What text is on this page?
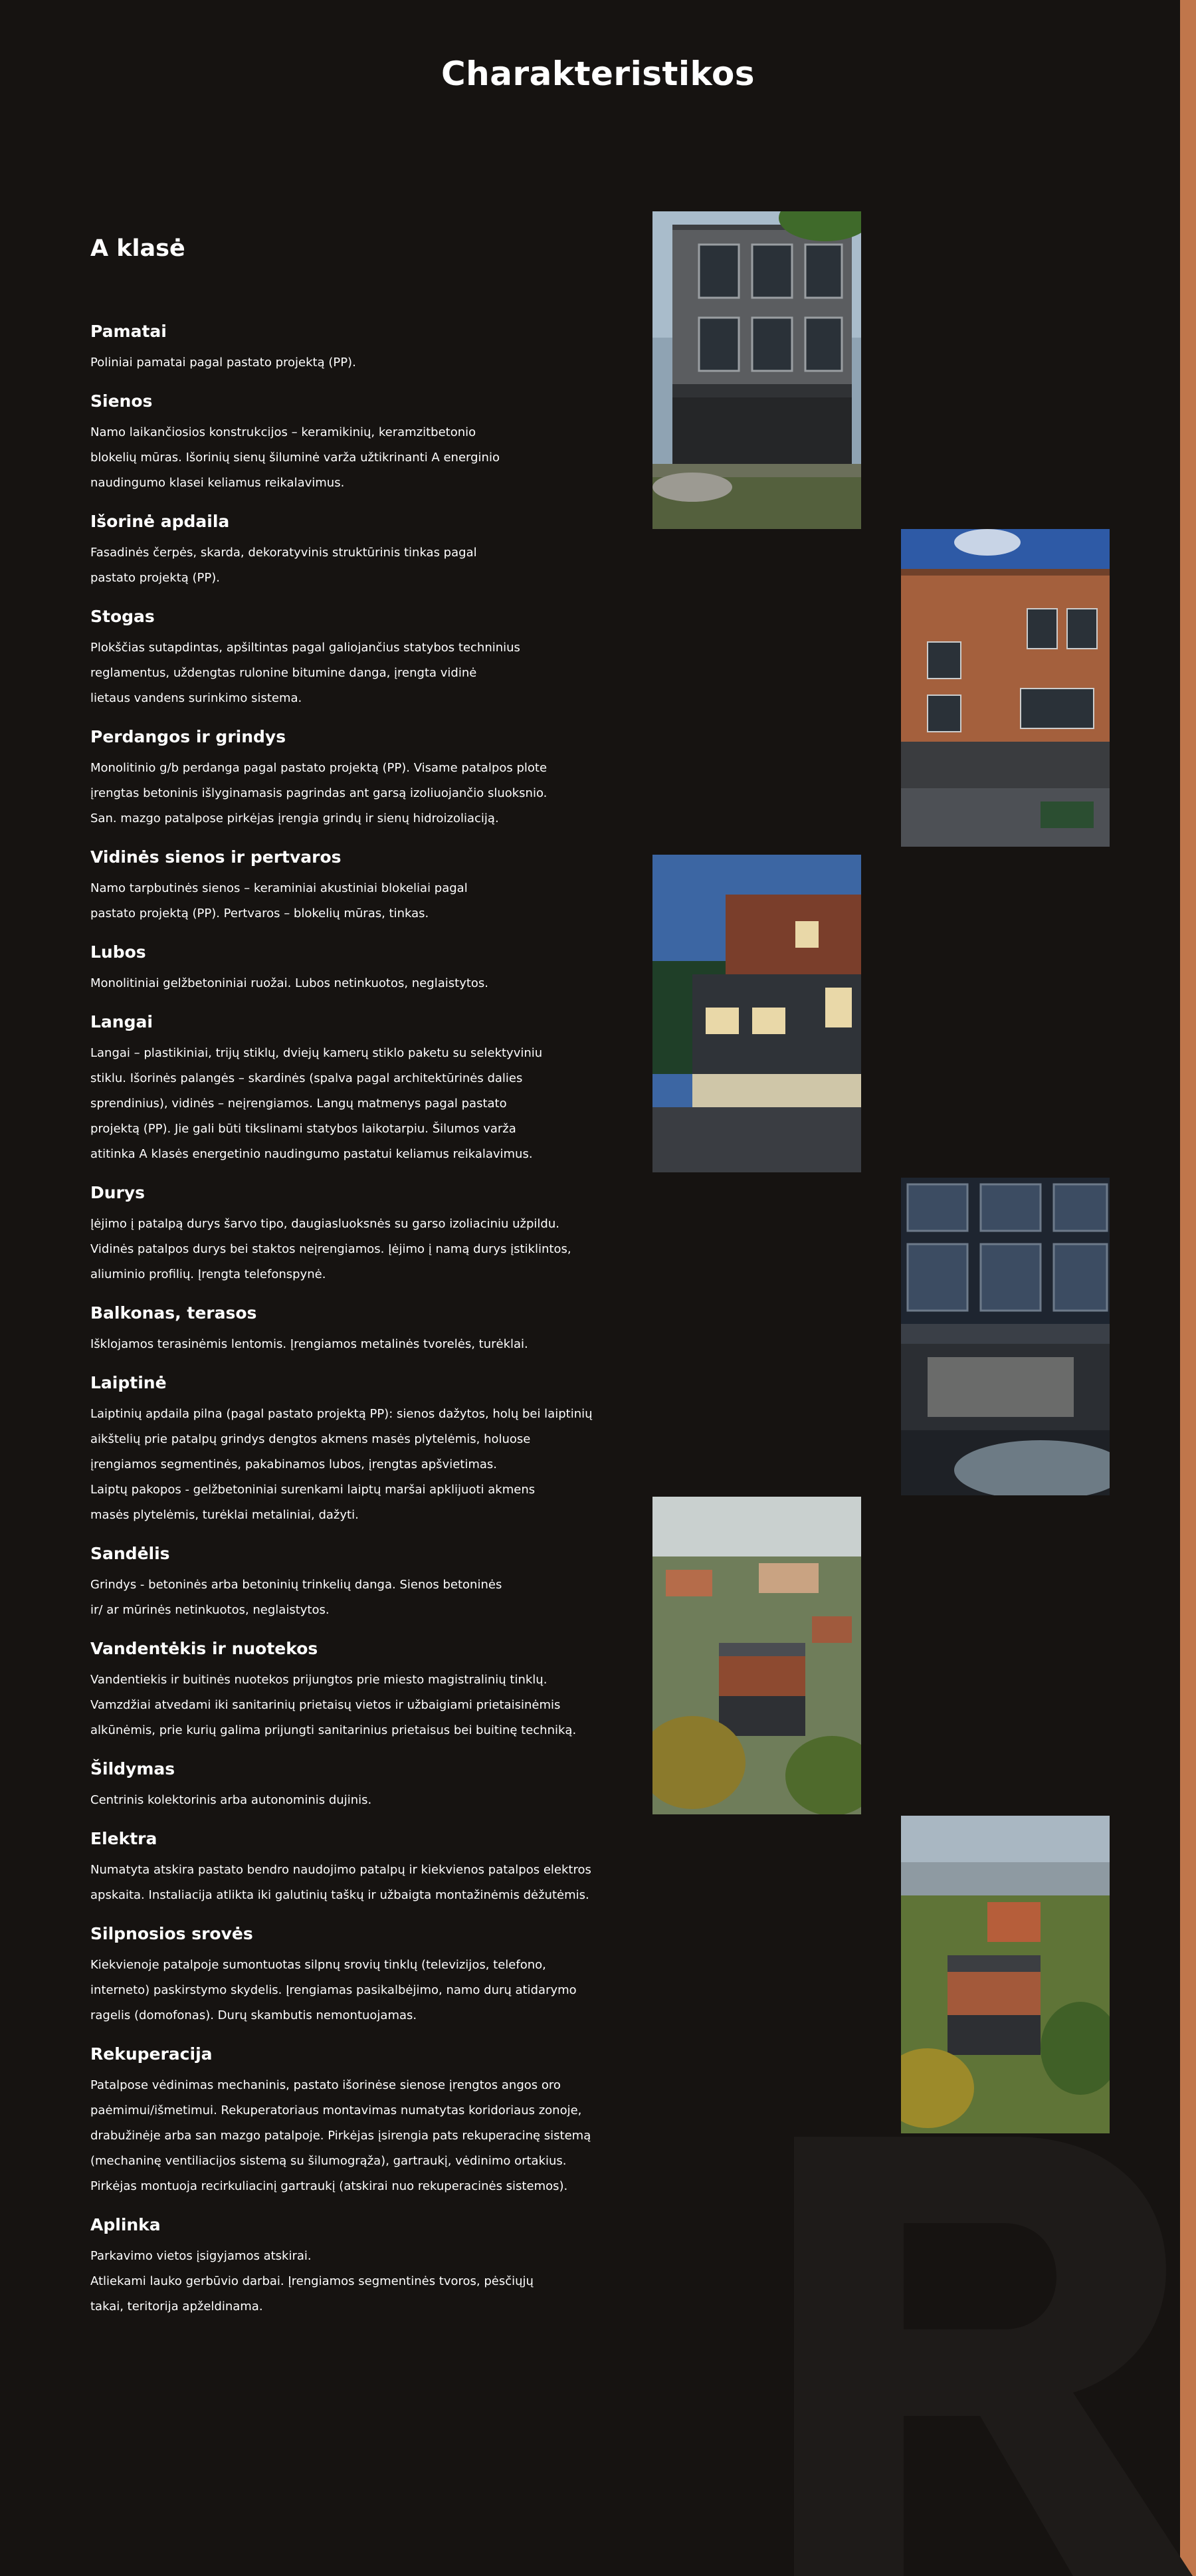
Charakteristikos
A klasė
Pamatai

Poliniai pamatai pagal pastato projektą (PP).

Sienos

Namo laikančiosios konstrukcijos – keramikinių, keramzitbetonio

blokelių mūras. Išorinių sienų šiluminė varža užtikrinanti A energinio

naudingumo klasei keliamus reikalavimus.

Išorinė apdaila

Fasadinės čerpės, skarda, dekoratyvinis struktūrinis tinkas pagal

pastato projektą (PP).

Stogas

Plokščias sutapdintas, apšiltintas pagal galiojančius statybos techninius

reglamentus, uždengtas rulonine bitumine danga, įrengta vidinė

lietaus vandens surinkimo sistema.

Perdangos ir grindys

Monolitinio g/b perdanga pagal pastato projektą (PP). Visame patalpos plote

įrengtas betoninis išlyginamasis pagrindas ant garsą izoliuojančio sluoksnio.

San. mazgo patalpose pirkėjas įrengia grindų ir sienų hidroizoliaciją.

Vidinės sienos ir pertvaros

Namo tarpbutinės sienos – keraminiai akustiniai blokeliai pagal

pastato projektą (PP). Pertvaros – blokelių mūras, tinkas.

Lubos

Monolitiniai gelžbetoniniai ruožai. Lubos netinkuotos, neglaistytos.

Langai

Langai – plastikiniai, trijų stiklų, dviejų kamerų stiklo paketu su selektyviniu

stiklu. Išorinės palangės – skardinės (spalva pagal architektūrinės dalies

sprendinius), vidinės – neįrengiamos. Langų matmenys pagal pastato

projektą (PP). Jie gali būti tikslinami statybos laikotarpiu. Šilumos varža

atitinka A klasės energetinio naudingumo pastatui keliamus reikalavimus.

Durys

Įėjimo į patalpą durys šarvo tipo, daugiasluoksnės su garso izoliaciniu užpildu.

Vidinės patalpos durys bei staktos neįrengiamos. Įėjimo į namą durys įstiklintos,

aliuminio profilių. Įrengta telefonspynė.

Balkonas, terasos

Išklojamos terasinėmis lentomis. Įrengiamos metalinės tvorelės, turėklai.

Laiptinė

Laiptinių apdaila pilna (pagal pastato projektą PP): sienos dažytos, holų bei laiptinių

aikštelių prie patalpų grindys dengtos akmens masės plytelėmis, holuose

įrengiamos segmentinės, pakabinamos lubos, įrengtas apšvietimas.

Laiptų pakopos - gelžbetoniniai surenkami laiptų maršai apklijuoti akmens

masės plytelėmis, turėklai metaliniai, dažyti.

Sandėlis

Grindys - betoninės arba betoninių trinkelių danga. Sienos betoninės

ir/ ar mūrinės netinkuotos, neglaistytos.

Vandentėkis ir nuotekos

Vandentiekis ir buitinės nuotekos prijungtos prie miesto magistralinių tinklų.

Vamzdžiai atvedami iki sanitarinių prietaisų vietos ir užbaigiami prietaisinėmis

alkūnėmis, prie kurių galima prijungti sanitarinius prietaisus bei buitinę techniką.

Šildymas

Centrinis kolektorinis arba autonominis dujinis.

Elektra

Numatyta atskira pastato bendro naudojimo patalpų ir kiekvienos patalpos elektros

apskaita. Instaliacija atlikta iki galutinių taškų ir užbaigta montažinėmis dėžutėmis.

Silpnosios srovės

Kiekvienoje patalpoje sumontuotas silpnų srovių tinklų (televizijos, telefono,

interneto) paskirstymo skydelis. Įrengiamas pasikalbėjimo, namo durų atidarymo

ragelis (domofonas). Durų skambutis nemontuojamas.

Rekuperacija

Patalpose vėdinimas mechaninis, pastato išorinėse sienose įrengtos angos oro

paėmimui/išmetimui. Rekuperatoriaus montavimas numatytas koridoriaus zonoje,

drabužinėje arba san mazgo patalpoje. Pirkėjas įsirengia pats rekuperacinę sistemą

(mechaninę ventiliacijos sistemą su šilumogrąža), gartraukį, vėdinimo ortakius.

Pirkėjas montuoja recirkuliacinį gartraukį (atskirai nuo rekuperacinės sistemos).

Aplinka

Parkavimo vietos įsigyjamos atskirai.

Atliekami lauko gerbūvio darbai. Įrengiamos segmentinės tvoros, pėsčiųjų

takai, teritorija apželdinama.
